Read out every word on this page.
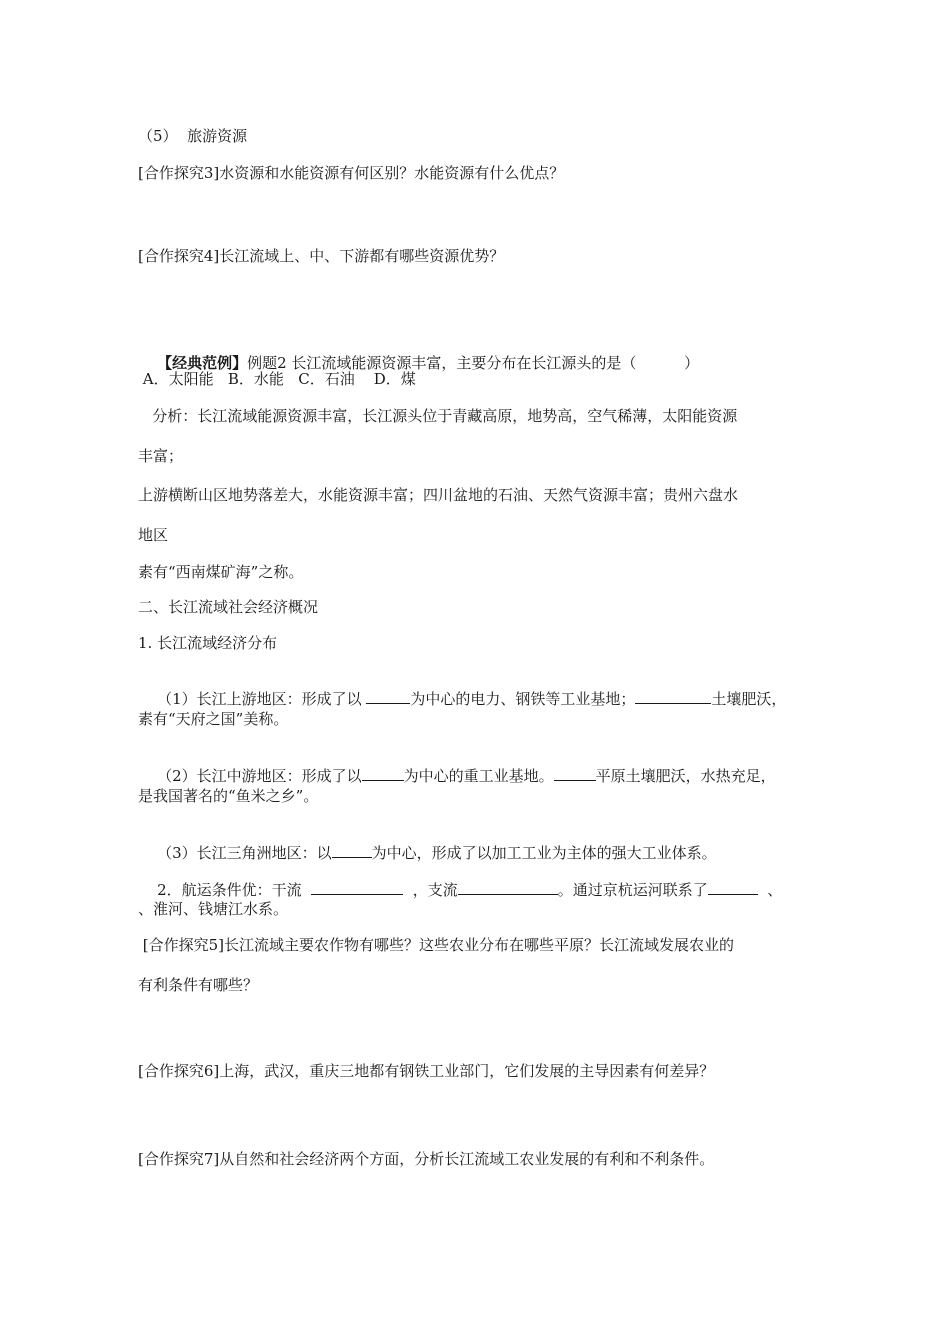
（5）  旅游资源
[合作探究3]水资源和水能资源有何区别？水能资源有什么优点？
[合作探究4]长江流域上、中、下游都有哪些资源优势？

【经典范例】例题2 长江流域能源资源丰富，主要分布在长江源头的是（          ）

A．太阳能   B．水能   C．石油    D．煤
分析：长江流域能源资源丰富，长江源头位于青藏高原，地势高，空气稀薄，太阳能资源
丰富；
上游横断山区地势落差大，水能资源丰富；四川盆地的石油、天然气资源丰富；贵州六盘水
地区
素有“西南煤矿海”之称。
二、长江流域社会经济概况
1. 长江流域经济分布

（1）长江上游地区：形成了以	为中心的电力、钢铁等工业基地；	土壤肥沃，

素有“天府之国”美称。

（2）长江中游地区：形成了以	为中心的重工业基地。	平原土壤肥沃，水热充足，

是我国著名的“鱼米之乡”。

（3）长江三角洲地区：以	为中心，形成了以加工工业为主体的强大工业体系。

2．航运条件优：干流	，支流	。通过京杭运河联系了	、

、淮河、钱塘江水系。
[合作探究5]长江流域主要农作物有哪些？这些农业分布在哪些平原？长江流域发展农业的
有利条件有哪些？
[合作探究6]上海，武汉，重庆三地都有钢铁工业部门，它们发展的主导因素有何差异？
[合作探究7]从自然和社会经济两个方面，分析长江流域工农业发展的有利和不利条件。
